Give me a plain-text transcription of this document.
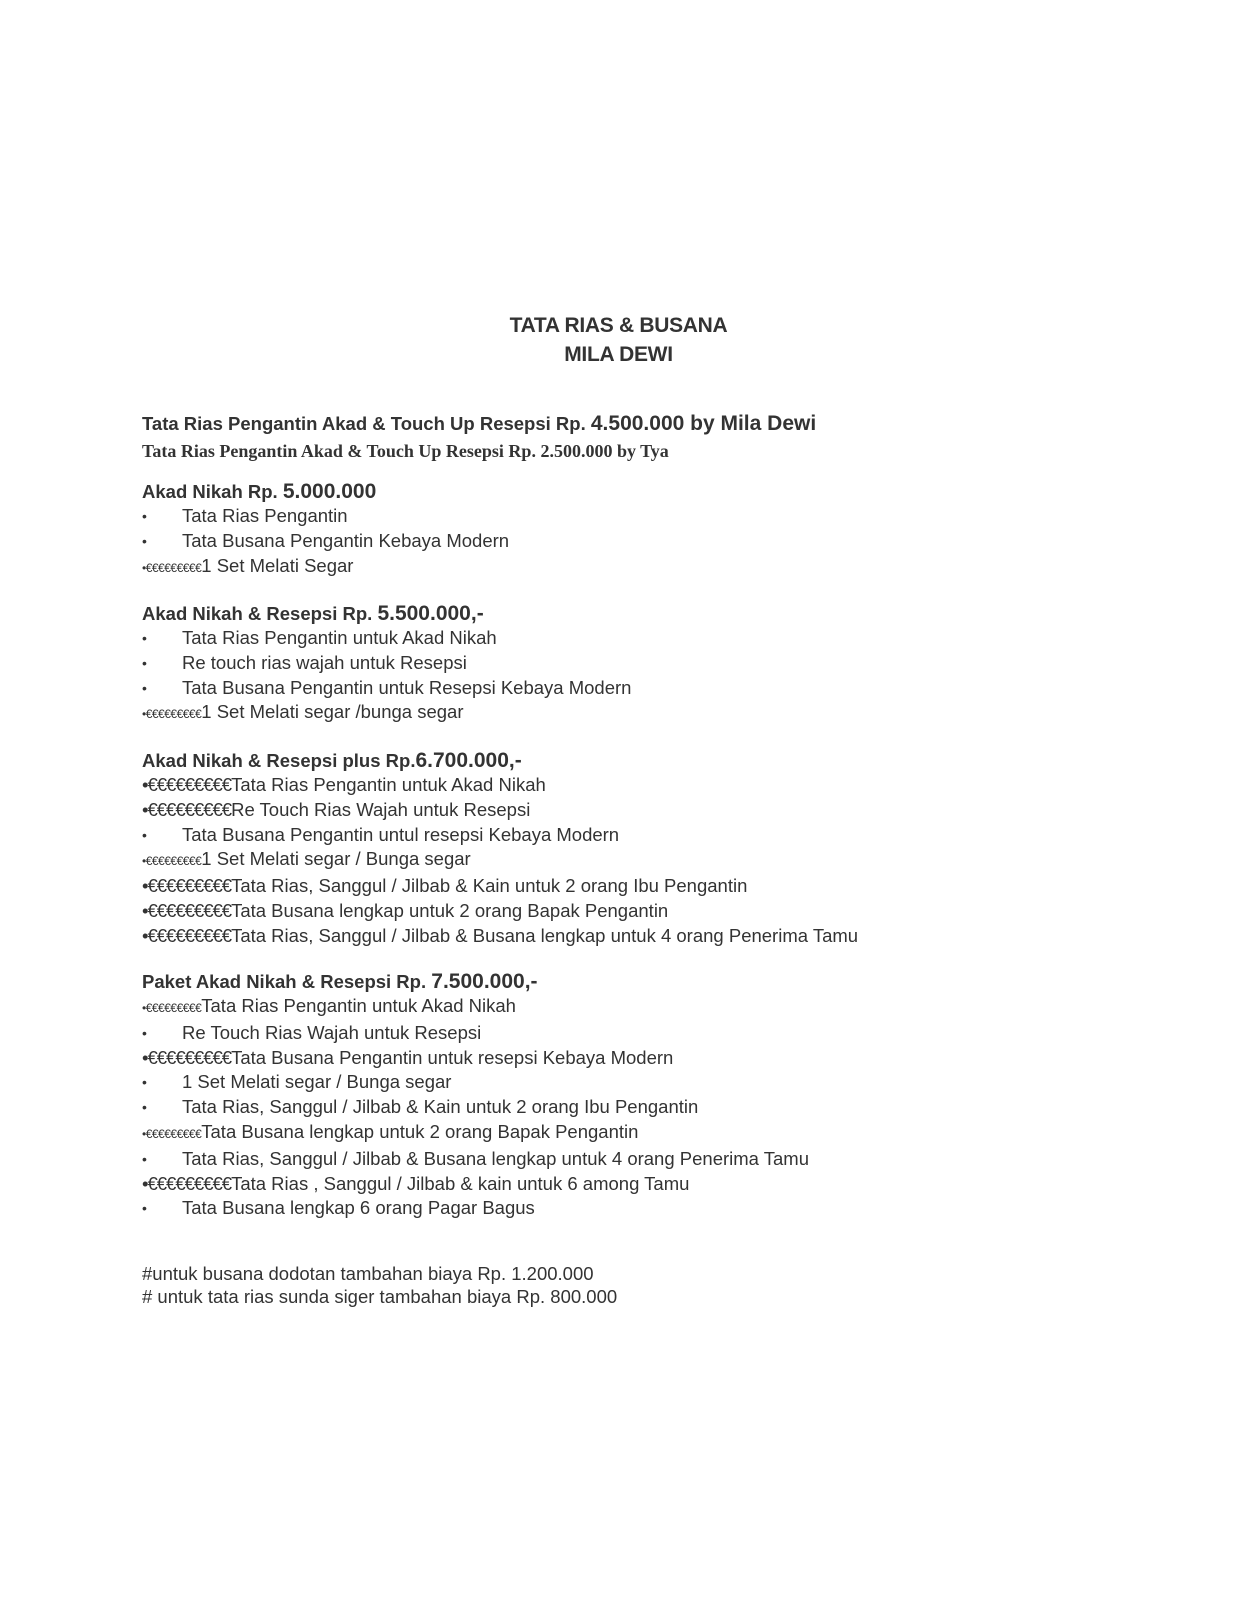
TATA RIAS & BUSANA
MILA DEWI
Tata Rias Pengantin Akad & Touch Up Resepsi Rp. 4.500.000 by Mila Dewi
Tata Rias Pengantin Akad & Touch Up Resepsi Rp. 2.500.000 by Tya
Akad Nikah Rp. 5.000.000
• Tata Rias Pengantin
• Tata Busana Pengantin Kebaya Modern
•€€€€€€€€€1 Set Melati Segar
Akad Nikah & Resepsi Rp. 5.500.000,-
• Tata Rias Pengantin untuk Akad Nikah
• Re touch rias wajah untuk Resepsi
• Tata Busana Pengantin untuk Resepsi Kebaya Modern
•€€€€€€€€€1 Set Melati segar /bunga segar
Akad Nikah & Resepsi plus Rp.6.700.000,-
•€€€€€€€€€Tata Rias Pengantin untuk Akad Nikah
•€€€€€€€€€Re Touch Rias Wajah untuk Resepsi
• Tata Busana Pengantin untul resepsi Kebaya Modern
•€€€€€€€€€1 Set Melati segar / Bunga segar
•€€€€€€€€€Tata Rias, Sanggul / Jilbab & Kain untuk 2 orang Ibu Pengantin
•€€€€€€€€€Tata Busana lengkap untuk 2 orang Bapak Pengantin
•€€€€€€€€€Tata Rias, Sanggul / Jilbab & Busana lengkap untuk 4 orang Penerima Tamu
Paket Akad Nikah & Resepsi Rp. 7.500.000,-
•€€€€€€€€€Tata Rias Pengantin untuk Akad Nikah
• Re Touch Rias Wajah untuk Resepsi
•€€€€€€€€€Tata Busana Pengantin untuk resepsi Kebaya Modern
• 1 Set Melati segar / Bunga segar
• Tata Rias, Sanggul / Jilbab & Kain untuk 2 orang Ibu Pengantin
•€€€€€€€€€Tata Busana lengkap untuk 2 orang Bapak Pengantin
• Tata Rias, Sanggul / Jilbab & Busana lengkap untuk 4 orang Penerima Tamu
•€€€€€€€€€Tata Rias , Sanggul / Jilbab & kain untuk 6 among Tamu
• Tata Busana lengkap 6 orang Pagar Bagus
#untuk busana dodotan tambahan biaya Rp. 1.200.000
# untuk tata rias sunda siger tambahan biaya Rp. 800.000
